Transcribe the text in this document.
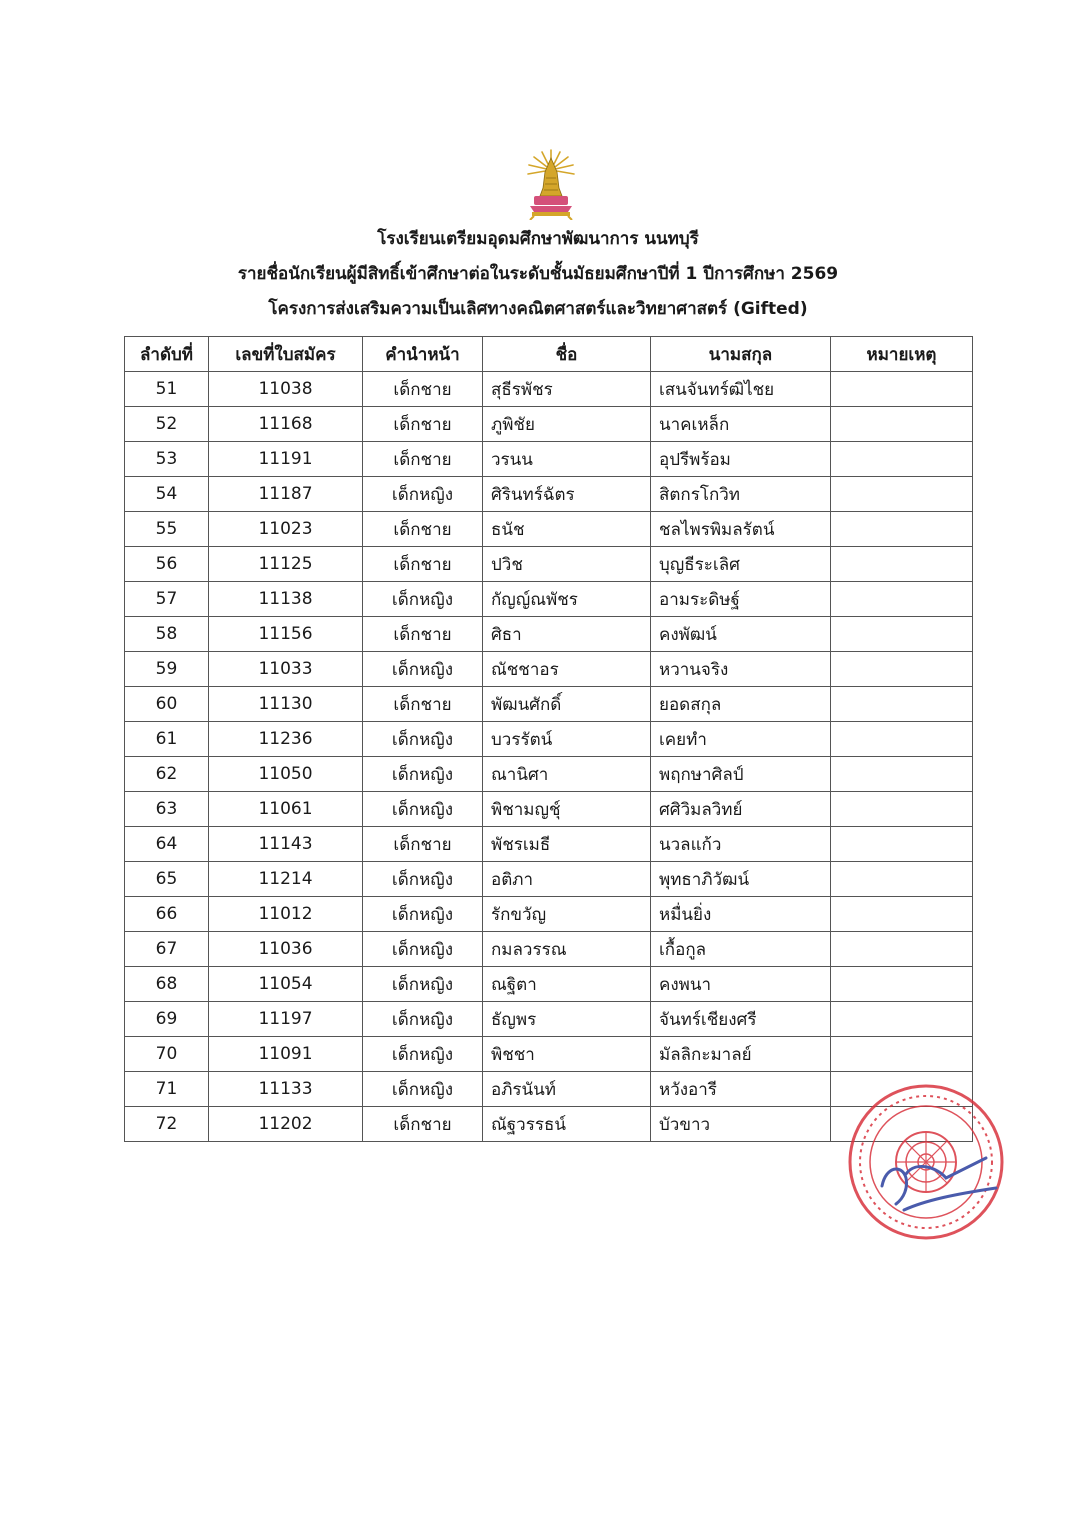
โรงเรียนเตรียมอุดมศึกษาพัฒนาการ นนทบุรี
รายชื่อนักเรียนผู้มีสิทธิ์เข้าศึกษาต่อในระดับชั้นมัธยมศึกษาปีที่ 1 ปีการศึกษา 2569
โครงการส่งเสริมความเป็นเลิศทางคณิตศาสตร์และวิทยาศาสตร์ (Gifted)
ลำดับที่	เลขที่ใบสมัคร	คำนำหน้า	ชื่อ	นามสกุล	หมายเหตุ
51	11038	เด็กชาย	สุธีรพัชร	เสนจันทร์ฒิไชย	
52	11168	เด็กชาย	ภูพิชัย	นาคเหล็ก	
53	11191	เด็กชาย	วรนน	อุปรีพร้อม	
54	11187	เด็กหญิง	ศิรินทร์ฉัตร	สิตกรโกวิท	
55	11023	เด็กชาย	ธนัช	ชลไพรพิมลรัตน์	
56	11125	เด็กชาย	ปวิช	บุญธีระเลิศ	
57	11138	เด็กหญิง	กัญญ์ณพัชร	อามระดิษฐ์	
58	11156	เด็กชาย	ศิธา	คงพัฒน์	
59	11033	เด็กหญิง	ณัชชาอร	หวานจริง	
60	11130	เด็กชาย	พัฒนศักดิ์	ยอดสกุล	
61	11236	เด็กหญิง	บวรรัตน์	เคยทำ	
62	11050	เด็กหญิง	ณานิศา	พฤกษาศิลป์	
63	11061	เด็กหญิง	พิชามญชุ์	ศศิวิมลวิทย์	
64	11143	เด็กชาย	พัชรเมธี	นวลแก้ว	
65	11214	เด็กหญิง	อติภา	พุทธาภิวัฒน์	
66	11012	เด็กหญิง	รักขวัญ	หมื่นยิ่ง	
67	11036	เด็กหญิง	กมลวรรณ	เกื้อกูล	
68	11054	เด็กหญิง	ณฐิตา	คงพนา	
69	11197	เด็กหญิง	ธัญพร	จันทร์เชียงศรี	
70	11091	เด็กหญิง	พิชชา	มัลลิกะมาลย์	
71	11133	เด็กหญิง	อภิรนันท์	หวังอารี	
72	11202	เด็กชาย	ณัฐวรรธน์	บัวขาว	
